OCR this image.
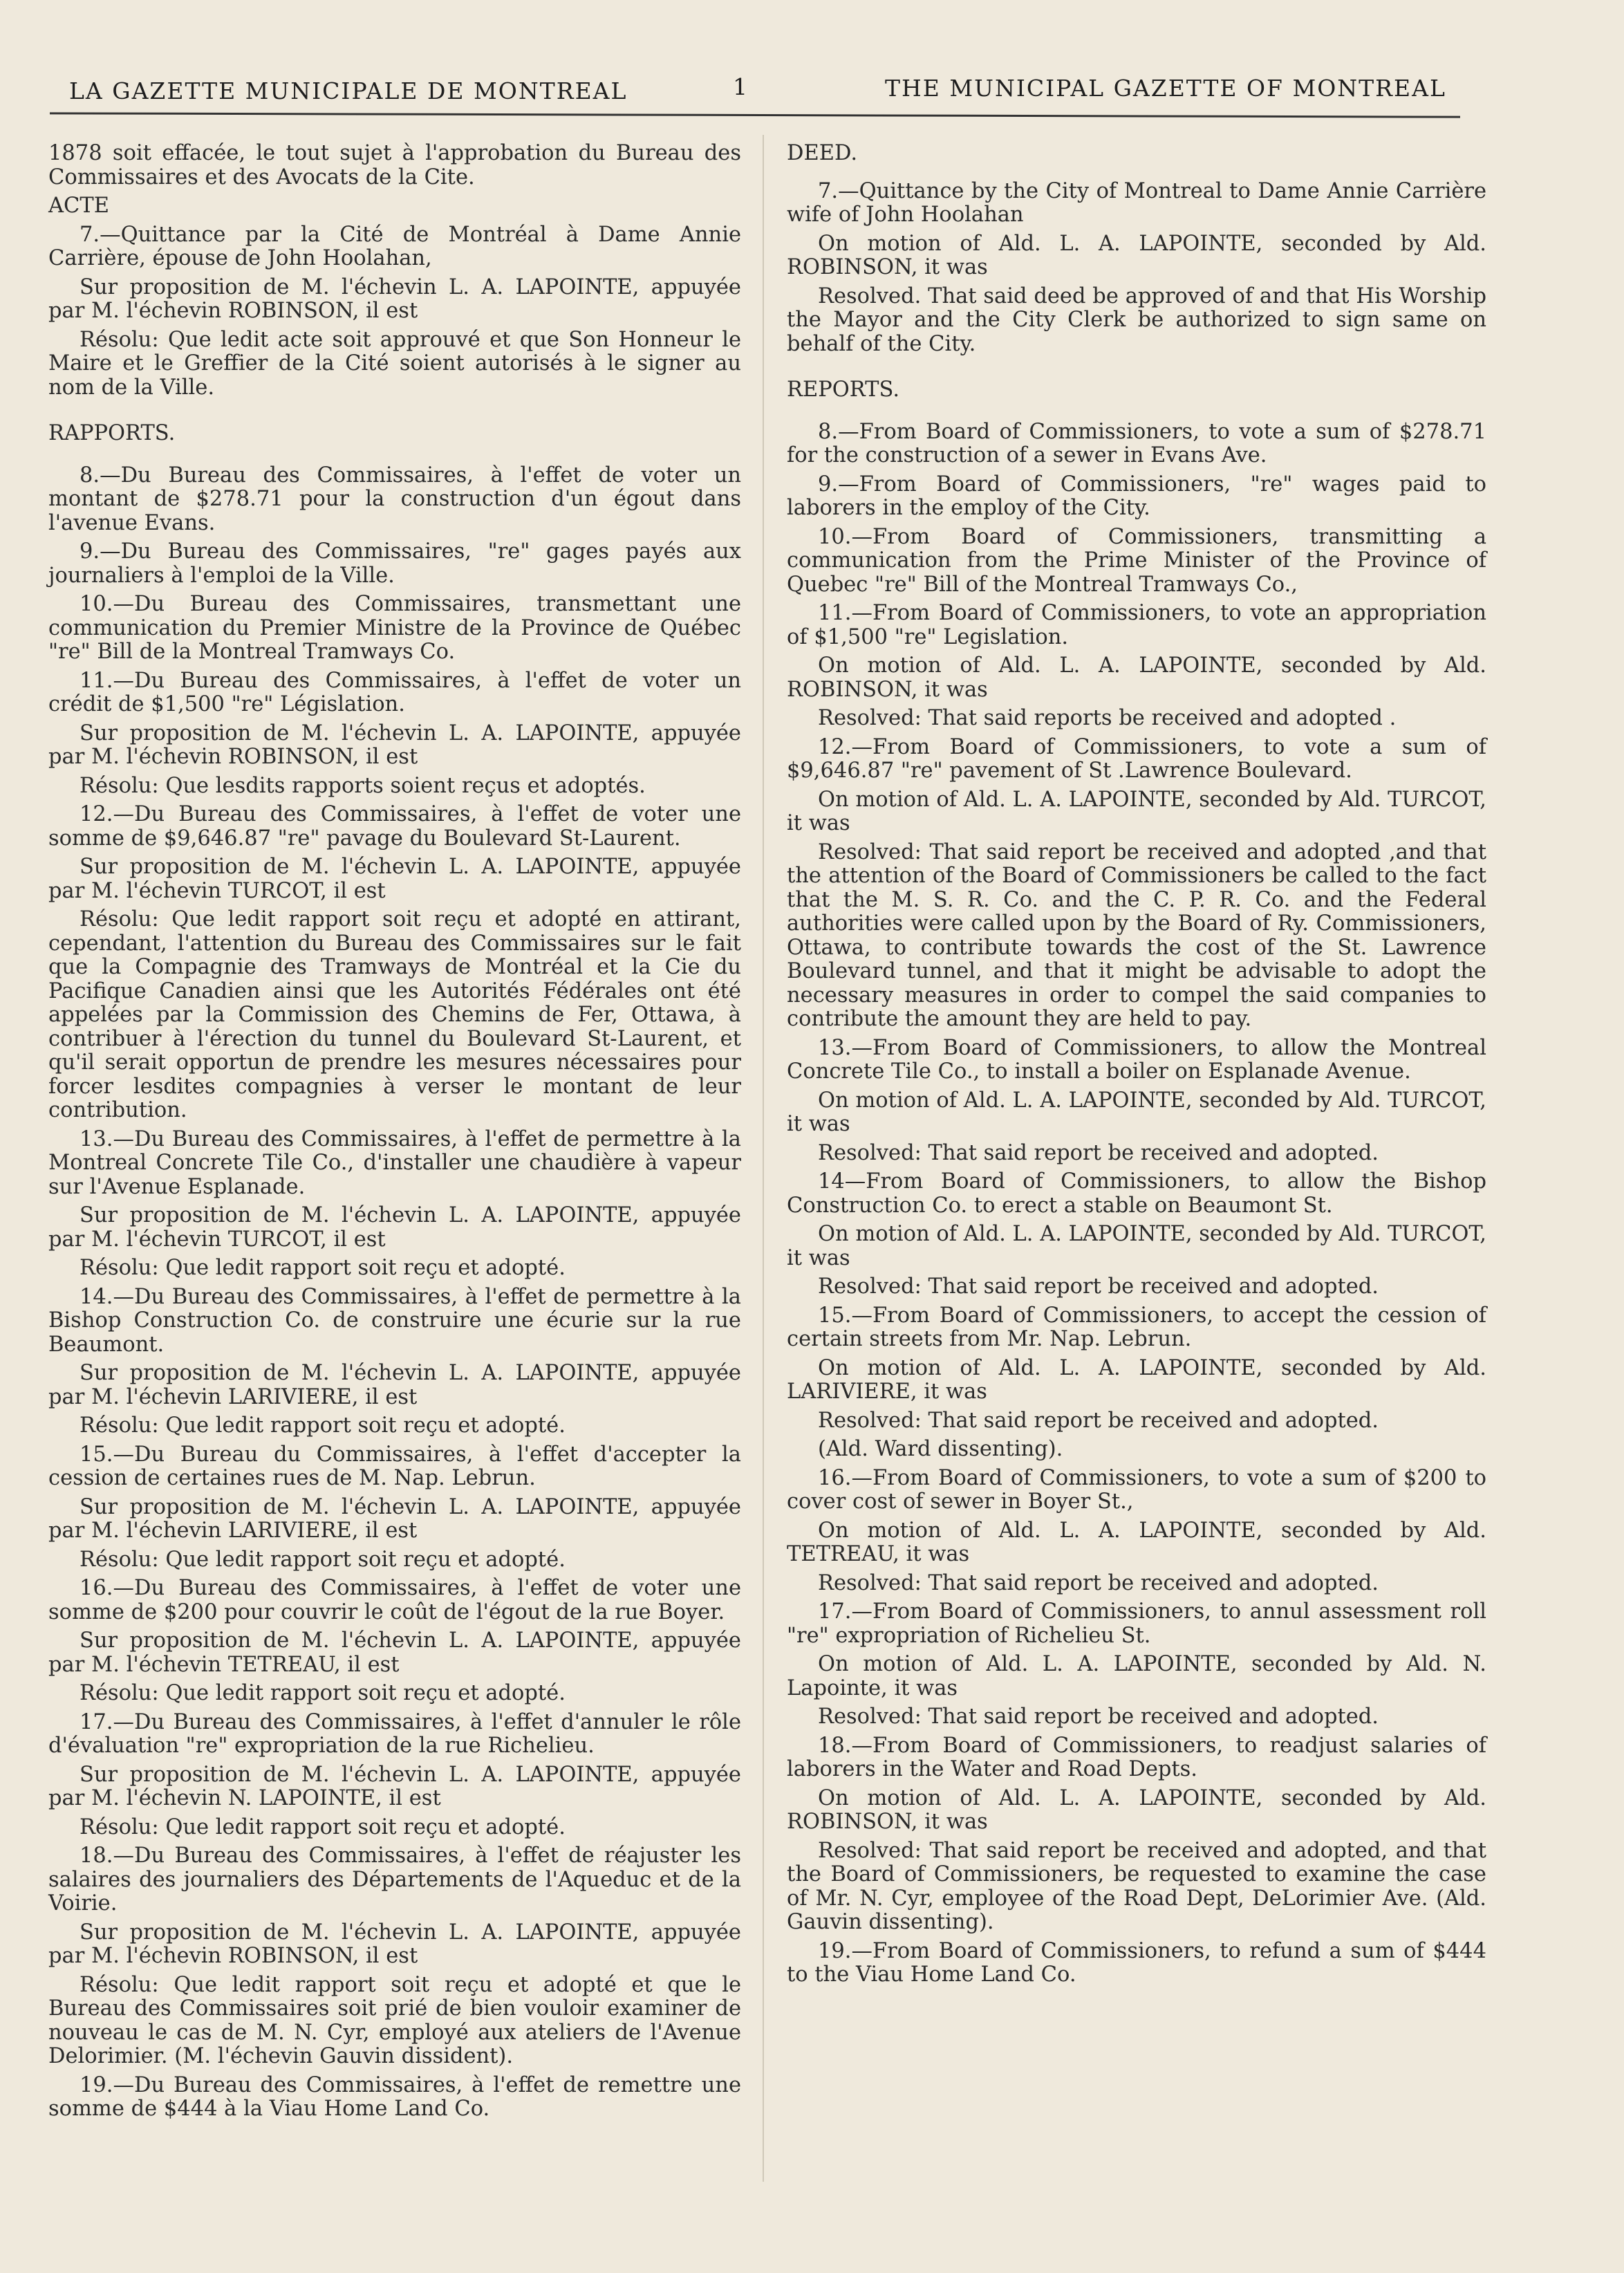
LA GAZETTE MUNICIPALE DE MONTREAL	1	THE MUNICIPAL GAZETTE OF MONTREAL

1878 soit effacée, le tout sujet à l'approbation du Bureau des Commissaires et des Avocats de la Cite.

ACTE

7.—Quittance par la Cité de Montréal à Dame Annie Carrière, épouse de John Hoolahan,

Sur proposition de M. l'échevin L. A. LAPOINTE, appuyée par M. l'échevin ROBINSON, il est

Résolu: Que ledit acte soit approuvé et que Son Honneur le Maire et le Greffier de la Cité soient autorisés à le signer au nom de la Ville.

RAPPORTS.

8.—Du Bureau des Commissaires, à l'effet de voter un montant de $278.71 pour la construction d'un égout dans l'avenue Evans.

9.—Du Bureau des Commissaires, "re" gages payés aux journaliers à l'emploi de la Ville.

10.—Du Bureau des Commissaires, transmettant une communication du Premier Ministre de la Province de Québec "re" Bill de la Montreal Tramways Co.

11.—Du Bureau des Commissaires, à l'effet de voter un crédit de $1,500 "re" Législation.

Sur proposition de M. l'échevin L. A. LAPOINTE, appuyée par M. l'échevin ROBINSON, il est

Résolu: Que lesdits rapports soient reçus et adoptés.

12.—Du Bureau des Commissaires, à l'effet de voter une somme de $9,646.87 "re" pavage du Boulevard St-Laurent.

Sur proposition de M. l'échevin L. A. LAPOINTE, appuyée par M. l'échevin TURCOT, il est

Résolu: Que ledit rapport soit reçu et adopté en attirant, cependant, l'attention du Bureau des Commissaires sur le fait que la Compagnie des Tramways de Montréal et la Cie du Pacifique Canadien ainsi que les Autorités Fédérales ont été appelées par la Commission des Chemins de Fer, Ottawa, à contribuer à l'érection du tunnel du Boulevard St-Laurent, et qu'il serait opportun de prendre les mesures nécessaires pour forcer lesdites compagnies à verser le montant de leur contribution.

13.—Du Bureau des Commissaires, à l'effet de permettre à la Montreal Concrete Tile Co., d'installer une chaudière à vapeur sur l'Avenue Esplanade.

Sur proposition de M. l'échevin L. A. LAPOINTE, appuyée par M. l'échevin TURCOT, il est

Résolu: Que ledit rapport soit reçu et adopté.

14.—Du Bureau des Commissaires, à l'effet de permettre à la Bishop Construction Co. de construire une écurie sur la rue Beaumont.

Sur proposition de M. l'échevin L. A. LAPOINTE, appuyée par M. l'échevin LARIVIERE, il est

Résolu: Que ledit rapport soit reçu et adopté.

15.—Du Bureau du Commissaires, à l'effet d'accepter la cession de certaines rues de M. Nap. Lebrun.

Sur proposition de M. l'échevin L. A. LAPOINTE, appuyée par M. l'échevin LARIVIERE, il est

Résolu: Que ledit rapport soit reçu et adopté.

16.—Du Bureau des Commissaires, à l'effet de voter une somme de $200 pour couvrir le coût de l'égout de la rue Boyer.

Sur proposition de M. l'échevin L. A. LAPOINTE, appuyée par M. l'échevin TETREAU, il est

Résolu: Que ledit rapport soit reçu et adopté.

17.—Du Bureau des Commissaires, à l'effet d'annuler le rôle d'évaluation "re" expropriation de la rue Richelieu.

Sur proposition de M. l'échevin L. A. LAPOINTE, appuyée par M. l'échevin N. LAPOINTE, il est

Résolu: Que ledit rapport soit reçu et adopté.

18.—Du Bureau des Commissaires, à l'effet de réajuster les salaires des journaliers des Départements de l'Aqueduc et de la Voirie.

Sur proposition de M. l'échevin L. A. LAPOINTE, appuyée par M. l'échevin ROBINSON, il est

Résolu: Que ledit rapport soit reçu et adopté et que le Bureau des Commissaires soit prié de bien vouloir examiner de nouveau le cas de M. N. Cyr, employé aux ateliers de l'Avenue Delorimier. (M. l'échevin Gauvin dissident).

19.—Du Bureau des Commissaires, à l'effet de remettre une somme de $444 à la Viau Home Land Co.

DEED.

7.—Quittance by the City of Montreal to Dame Annie Carrière wife of John Hoolahan

On motion of Ald. L. A. LAPOINTE, seconded by Ald. ROBINSON, it was

Resolved. That said deed be approved of and that His Worship the Mayor and the City Clerk be authorized to sign same on behalf of the City.

REPORTS.

8.—From Board of Commissioners, to vote a sum of $278.71 for the construction of a sewer in Evans Ave.

9.—From Board of Commissioners, "re" wages paid to laborers in the employ of the City.

10.—From Board of Commissioners, transmitting a communication from the Prime Minister of the Province of Quebec "re" Bill of the Montreal Tramways Co.,

11.—From Board of Commissioners, to vote an appropriation of $1,500 "re" Legislation.

On motion of Ald. L. A. LAPOINTE, seconded by Ald. ROBINSON, it was

Resolved: That said reports be received and adopted .

12.—From Board of Commissioners, to vote a sum of $9,646.87 "re" pavement of St .Lawrence Boulevard.

On motion of Ald. L. A. LAPOINTE, seconded by Ald. TURCOT, it was

Resolved: That said report be received and adopted ,and that the attention of the Board of Commissioners be called to the fact that the M. S. R. Co. and the C. P. R. Co. and the Federal authorities were called upon by the Board of Ry. Commissioners, Ottawa, to contribute towards the cost of the St. Lawrence Boulevard tunnel, and that it might be advisable to adopt the necessary measures in order to compel the said companies to contribute the amount they are held to pay.

13.—From Board of Commissioners, to allow the Montreal Concrete Tile Co., to install a boiler on Esplanade Avenue.

On motion of Ald. L. A. LAPOINTE, seconded by Ald. TURCOT, it was

Resolved: That said report be received and adopted.

14—From Board of Commissioners, to allow the Bishop Construction Co. to erect a stable on Beaumont St.

On motion of Ald. L. A. LAPOINTE, seconded by Ald. TURCOT, it was

Resolved: That said report be received and adopted.

15.—From Board of Commissioners, to accept the cession of certain streets from Mr. Nap. Lebrun.

On motion of Ald. L. A. LAPOINTE, seconded by Ald. LARIVIERE, it was

Resolved: That said report be received and adopted.

(Ald. Ward dissenting).

16.—From Board of Commissioners, to vote a sum of $200 to cover cost of sewer in Boyer St.,

On motion of Ald. L. A. LAPOINTE, seconded by Ald. TETREAU, it was

Resolved: That said report be received and adopted.

17.—From Board of Commissioners, to annul assessment roll "re" expropriation of Richelieu St.

On motion of Ald. L. A. LAPOINTE, seconded by Ald. N. Lapointe, it was

Resolved: That said report be received and adopted.

18.—From Board of Commissioners, to readjust salaries of laborers in the Water and Road Depts.

On motion of Ald. L. A. LAPOINTE, seconded by Ald. ROBINSON, it was

Resolved: That said report be received and adopted, and that the Board of Commissioners, be requested to examine the case of Mr. N. Cyr, employee of the Road Dept, DeLorimier Ave. (Ald. Gauvin dissenting).

19.—From Board of Commissioners, to refund a sum of $444 to the Viau Home Land Co.
